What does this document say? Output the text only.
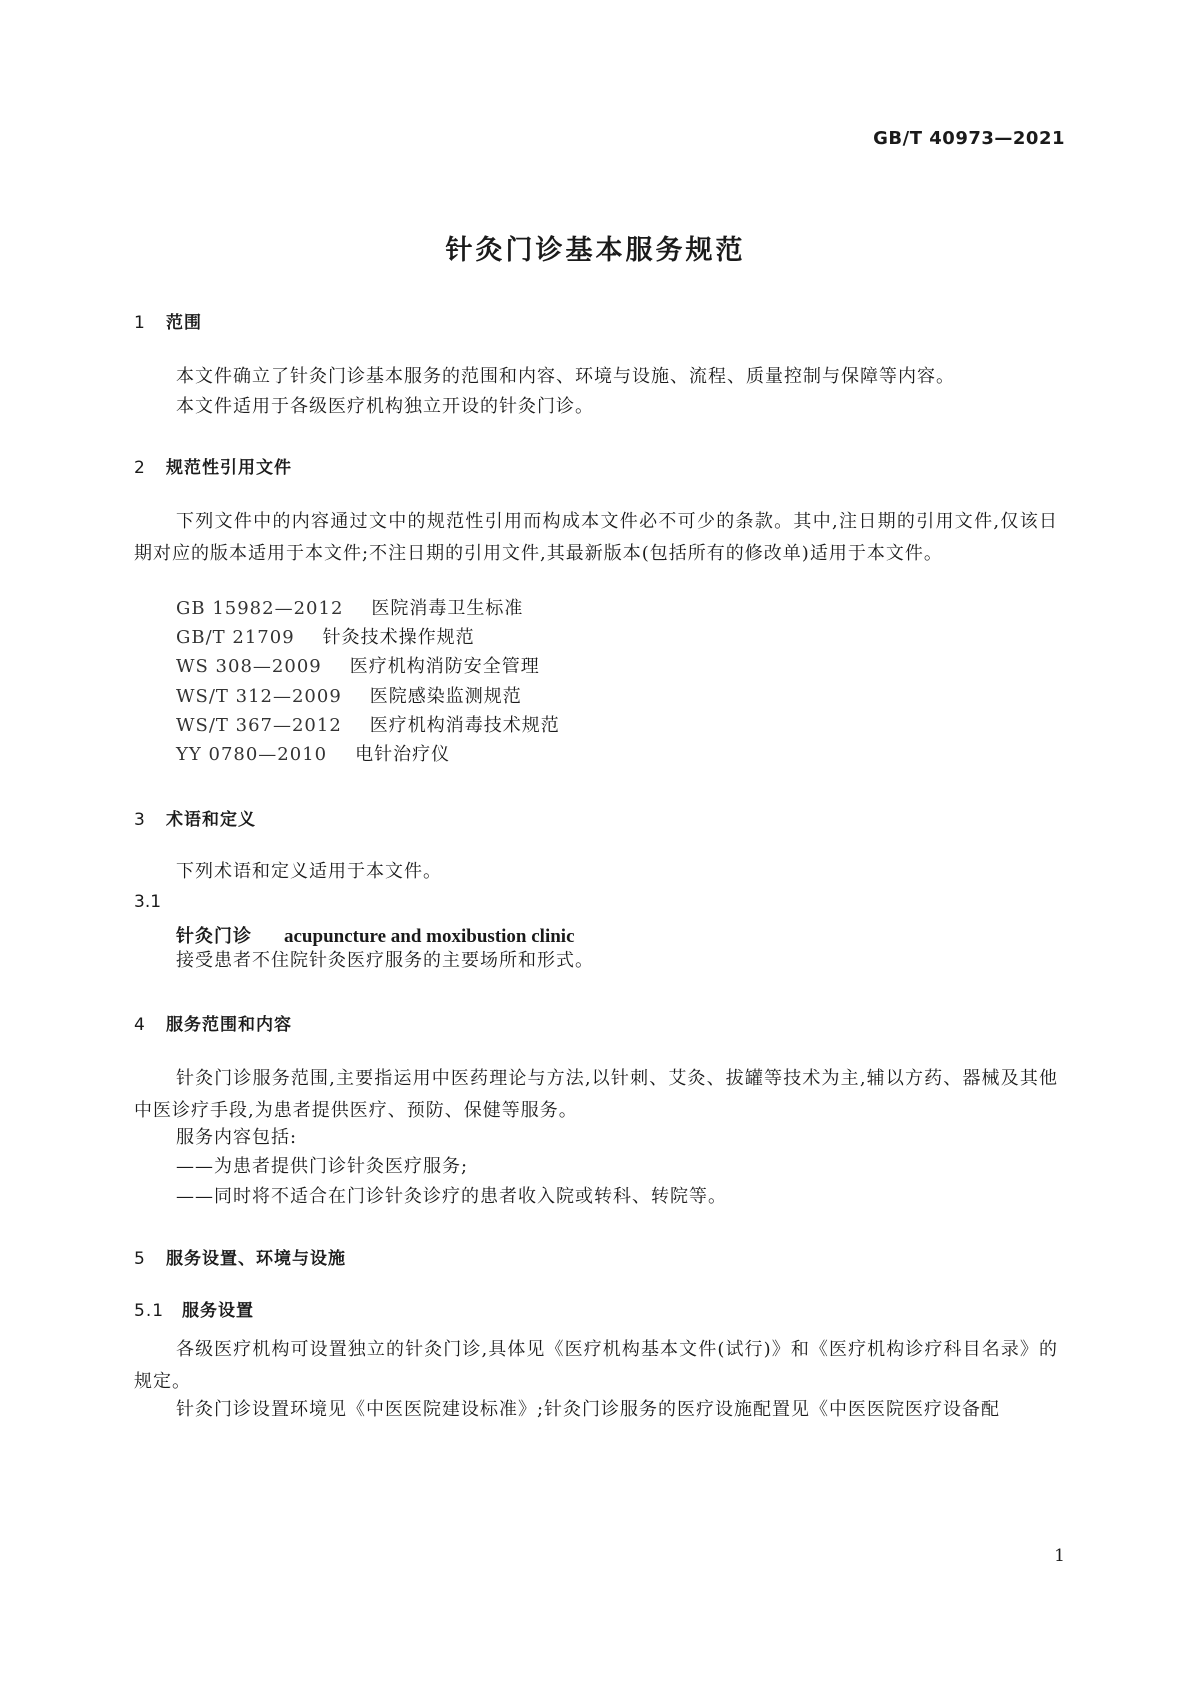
GB/T 40973—2021
针灸门诊基本服务规范
1 范围

本文件确立了针灸门诊基本服务的范围和内容、环境与设施、流程、质量控制与保障等内容。

本文件适用于各级医疗机构独立开设的针灸门诊。

2 规范性引用文件

下列文件中的内容通过文中的规范性引用而构成本文件必不可少的条款。其中,注日期的引用文件,仅该日期对应的版本适用于本文件;不注日期的引用文件,其最新版本(包括所有的修改单)适用于本文件。

GB 15982—2012 医院消毒卫生标准
GB/T 21709 针灸技术操作规范
WS 308—2009 医疗机构消防安全管理
WS/T 312—2009 医院感染监测规范
WS/T 367—2012 医疗机构消毒技术规范
YY 0780—2010 电针治疗仪
3 术语和定义

下列术语和定义适用于本文件。

3.1
针灸门诊 acupuncture and moxibustion clinic
接受患者不住院针灸医疗服务的主要场所和形式。
4 服务范围和内容

针灸门诊服务范围,主要指运用中医药理论与方法,以针刺、艾灸、拔罐等技术为主,辅以方药、器械及其他中医诊疗手段,为患者提供医疗、预防、保健等服务。

服务内容包括:
——为患者提供门诊针灸医疗服务;
——同时将不适合在门诊针灸诊疗的患者收入院或转科、转院等。
5 服务设置、环境与设施
5.1 服务设置

各级医疗机构可设置独立的针灸门诊,具体见《医疗机构基本文件(试行)》和《医疗机构诊疗科目名录》的规定。

针灸门诊设置环境见《中医医院建设标准》;针灸门诊服务的医疗设施配置见《中医医院医疗设备配

1
